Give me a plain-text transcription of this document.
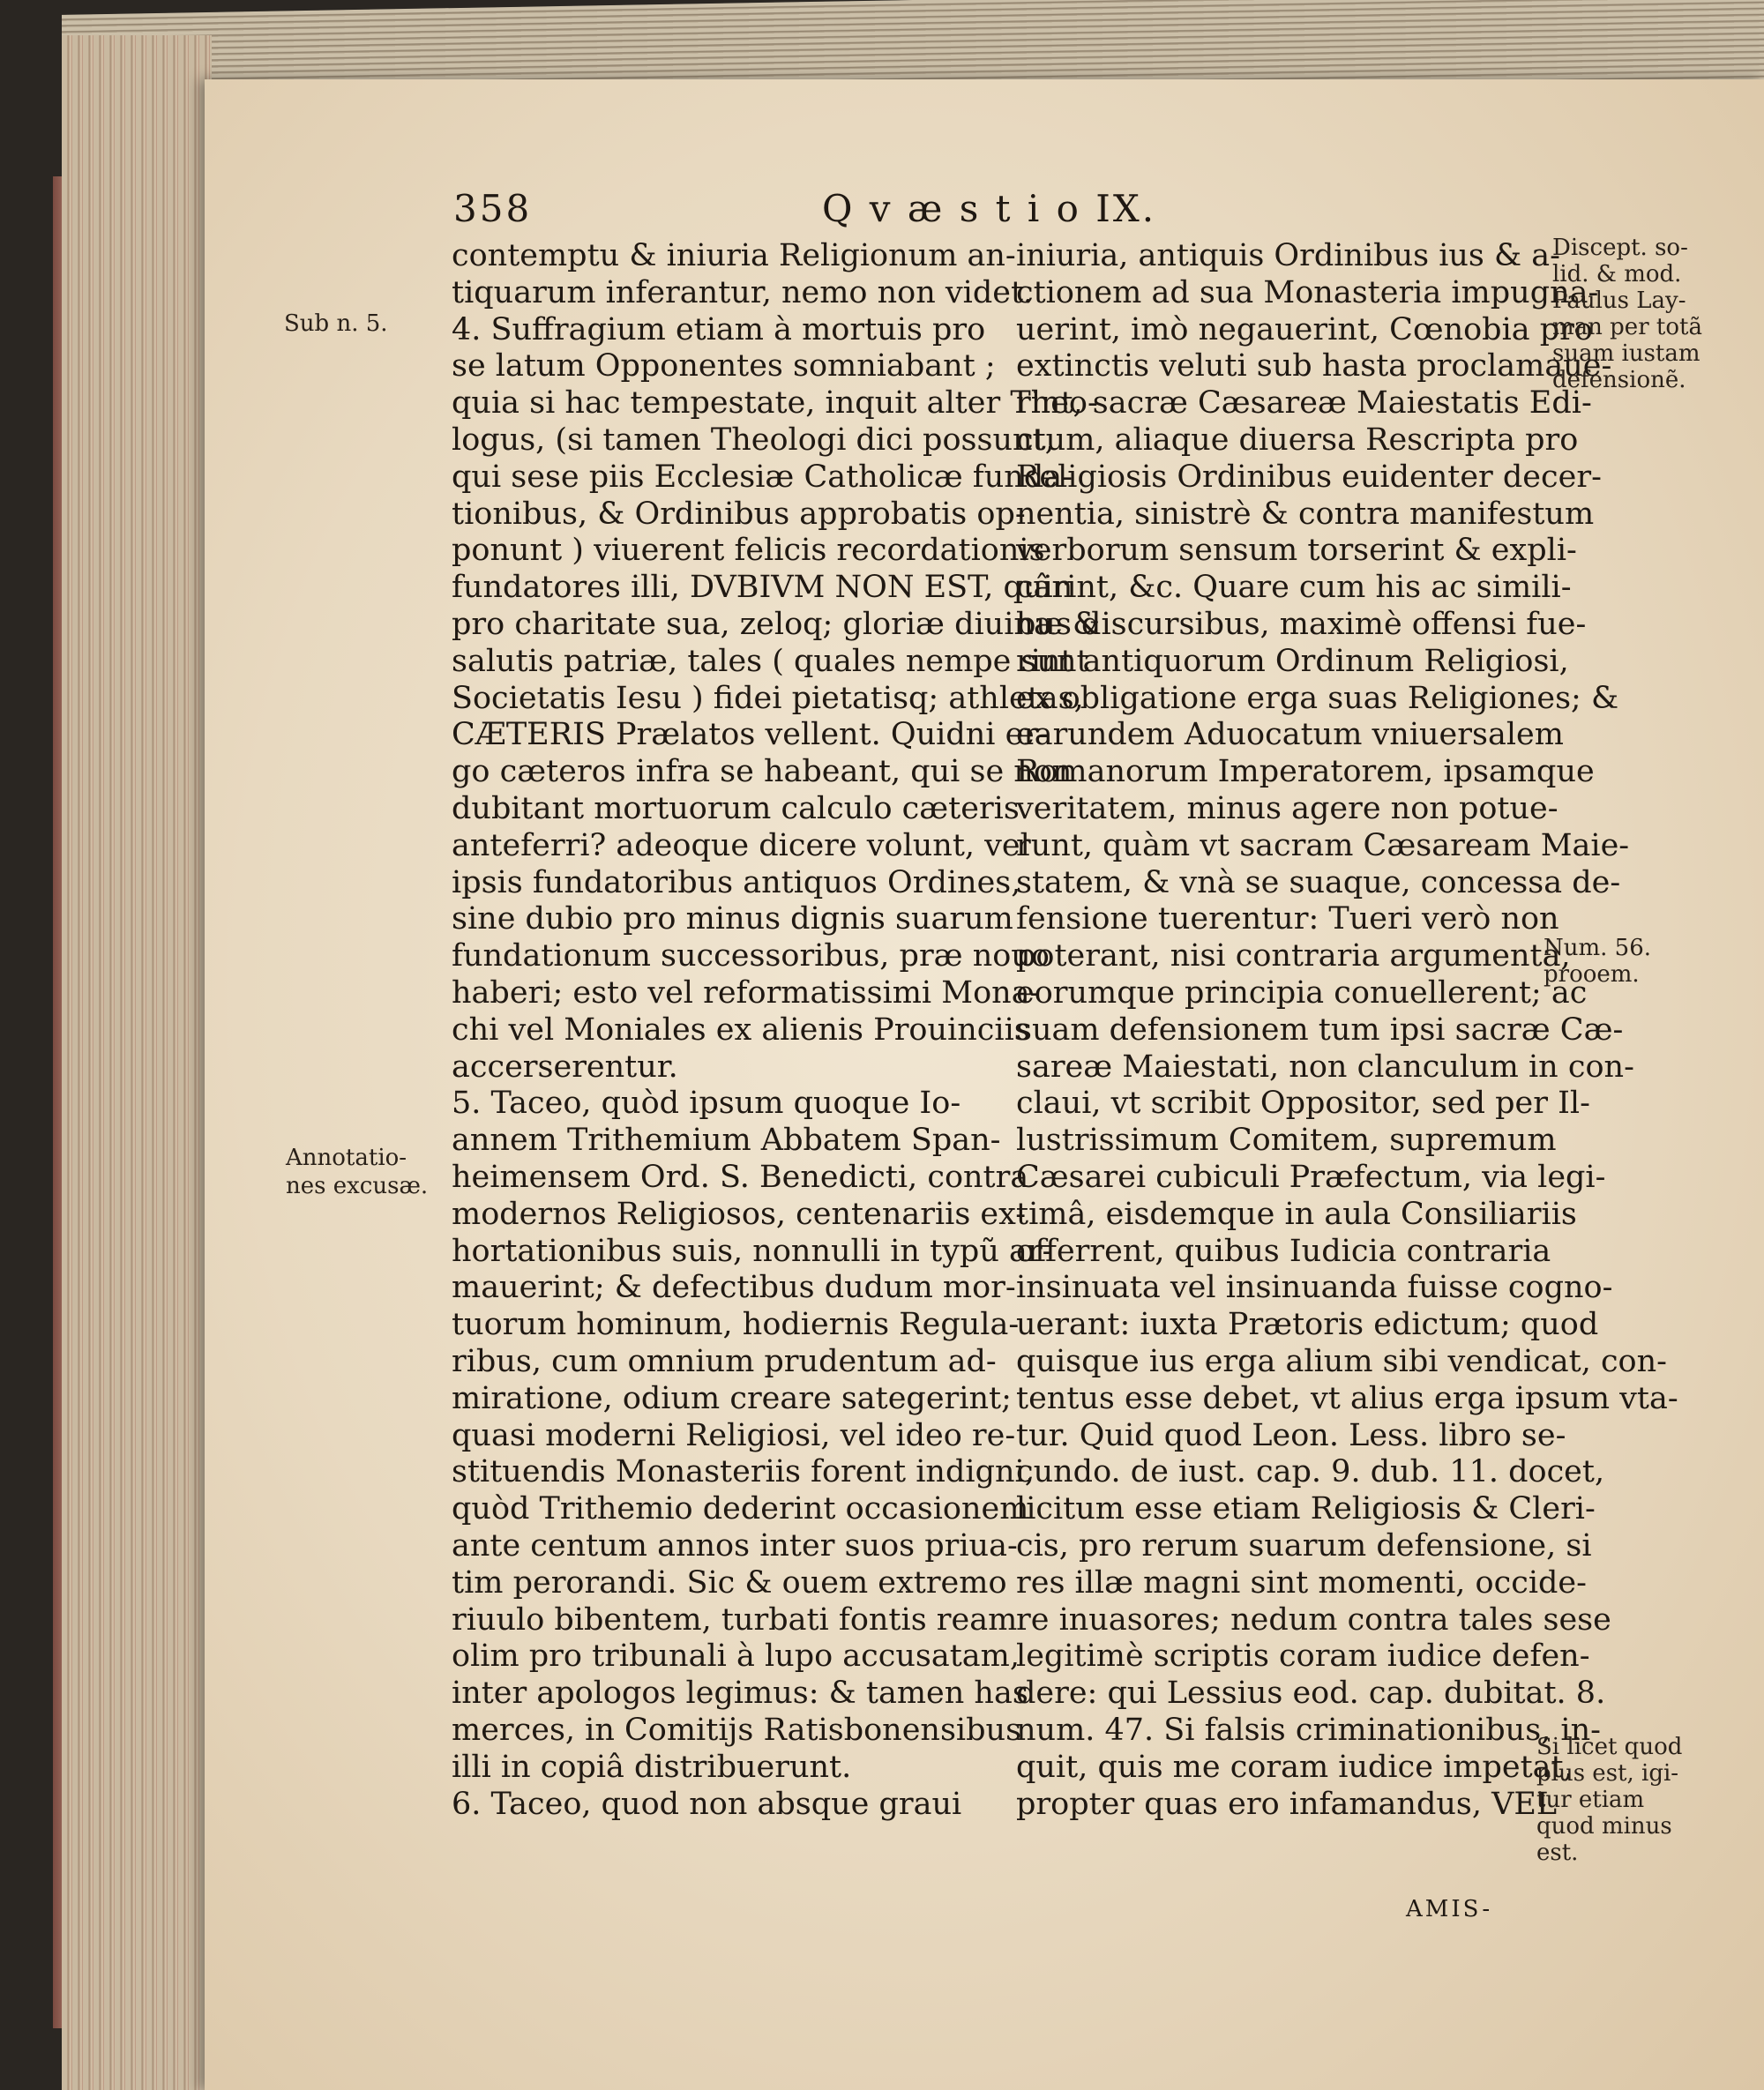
358	Q v æ s t i o IX.
contemptu & iniuria Religionum an-
tiquarum inferantur, nemo non videt.
4. Suffragium etiam à mortuis pro
se latum Opponentes somniabant ;
quia si hac tempestate, inquit alter Theo-
logus, (si tamen Theologi dici possunt,
qui sese piis Ecclesiæ Catholicæ funda-
tionibus, & Ordinibus approbatis op-
ponunt ) viuerent felicis recordationis
fundatores illi, DVBIVM NON EST, quin
pro charitate sua, zeloq; gloriæ diuinæ &
salutis patriæ, tales ( quales nempe sunt
Societatis Iesu ) fidei pietatisq; athletas,
CÆTERIS Prælatos vellent. Quidni er-
go cæteros infra se habeant, qui se non
dubitant mortuorum calculo cæteris
anteferri? adeoque dicere volunt, vel
ipsis fundatoribus antiquos Ordines,
sine dubio pro minus dignis suarum
fundationum successoribus, præ nouo
haberi; esto vel reformatissimi Mona-
chi vel Moniales ex alienis Prouinciis
accerserentur.
5. Taceo, quòd ipsum quoque Io-
annem Trithemium Abbatem Span-
heimensem Ord. S. Benedicti, contra
modernos Religiosos, centenariis ex-
hortationibus suis, nonnulli in typũ ar-
mauerint; & defectibus dudum mor-
tuorum hominum, hodiernis Regula-
ribus, cum omnium prudentum ad-
miratione, odium creare sategerint;
quasi moderni Religiosi, vel ideo re-
stituendis Monasteriis forent indigni,
quòd Trithemio dederint occasionem
ante centum annos inter suos priua-
tim perorandi. Sic & ouem extremo
riuulo bibentem, turbati fontis ream
olim pro tribunali à lupo accusatam,
inter apologos legimus: & tamen has
merces, in Comitijs Ratisbonensibus
illi in copiâ distribuerunt.
6. Taceo, quod non absque graui
iniuria, antiquis Ordinibus ius & a-
ctionem ad sua Monasteria impugna-
uerint, imò negauerint, Cœnobia pro
extinctis veluti sub hasta proclamaue-
rint, sacræ Cæsareæ Maiestatis Edi-
ctum, aliaque diuersa Rescripta pro
Religiosis Ordinibus euidenter decer-
nentia, sinistrè & contra manifestum
verborum sensum torserint & expli-
cârint, &c. Quare cum his ac simili-
bus discursibus, maximè offensi fue-
rint antiquorum Ordinum Religiosi,
ex obligatione erga suas Religiones; &
earundem Aduocatum vniuersalem
Romanorum Imperatorem, ipsamque
veritatem, minus agere non potue-
runt, quàm vt sacram Cæsaream Maie-
statem, & vnà se suaque, concessa de-
fensione tuerentur: Tueri verò non
poterant, nisi contraria argumenta,
eorumque principia conuellerent; ac
suam defensionem tum ipsi sacræ Cæ-
sareæ Maiestati, non clanculum in con-
claui, vt scribit Oppositor, sed per Il-
lustrissimum Comitem, supremum
Cæsarei cubiculi Præfectum, via legi-
timâ, eisdemque in aula Consiliariis
offerrent, quibus Iudicia contraria
insinuata vel insinuanda fuisse cogno-
uerant: iuxta Prætoris edictum; quod
quisque ius erga alium sibi vendicat, con-
tentus esse debet, vt alius erga ipsum vta-
tur. Quid quod Leon. Less. libro se-
cundo. de iust. cap. 9. dub. 11. docet,
licitum esse etiam Religiosis & Cleri-
cis, pro rerum suarum defensione, si
res illæ magni sint momenti, occide-
re inuasores; nedum contra tales sese
legitimè scriptis coram iudice defen-
dere: qui Lessius eod. cap. dubitat. 8.
num. 47. Si falsis criminationibus, in-
quit, quis me coram iudice impetat,
propter quas ero infamandus, VEL
Sub n. 5.
Annotatio-
nes excusæ.
Discept. so-
lid. & mod.
Paulus Lay-
man per totã
suam iustam
defensionẽ.
Num. 56.
prooem.
Si licet quod
plus est, igi-
tur etiam
quod minus
est.
AMIS-
